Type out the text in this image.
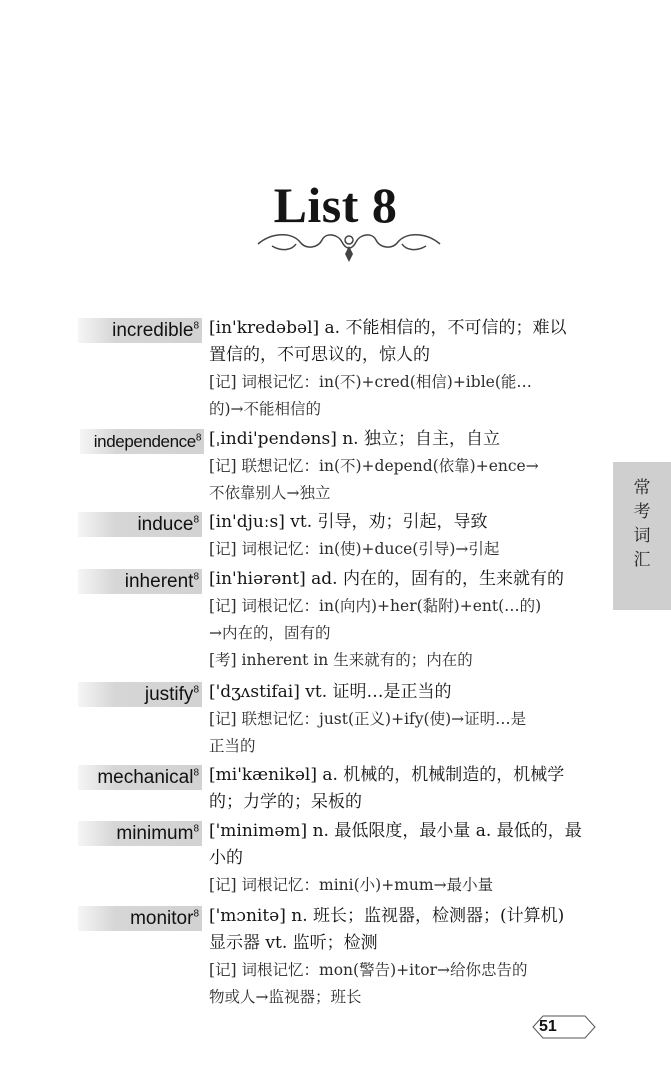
List 8
常
考
词
汇
incredible$^8$ [in'kredəbəl] a. 不能相信的，不可信的；难以
置信的，不可思议的，惊人的
[记] 词根记忆：in(不)+cred(相信)+ible(能…
的)→不能相信的
independence$^8$ [ˌindi'pendəns] n. 独立；自主，自立
[记] 联想记忆：in(不)+depend(依靠)+ence→
不依靠别人→独立
induce$^8$ [in'djuːs] vt. 引导，劝；引起，导致
[记] 词根记忆：in(使)+duce(引导)→引起
inherent$^8$ [in'hiərənt] ad. 内在的，固有的，生来就有的
[记] 词根记忆：in(向内)+her(黏附)+ent(…的)
→内在的，固有的
[考] inherent in 生来就有的；内在的
justify$^8$ ['dʒʌstifai] vt. 证明…是正当的
[记] 联想记忆：just(正义)+ify(使)→证明…是
正当的
mechanical$^8$ [mi'kænikəl] a. 机械的，机械制造的，机械学
的；力学的；呆板的
minimum$^8$ ['miniməm] n. 最低限度，最小量 a. 最低的，最
小的
[记] 词根记忆：mini(小)+mum→最小量
monitor$^8$ ['mɔnitə] n. 班长；监视器，检测器；(计算机)
显示器 vt. 监听；检测
[记] 词根记忆：mon(警告)+itor→给你忠告的
物或人→监视器；班长
51
